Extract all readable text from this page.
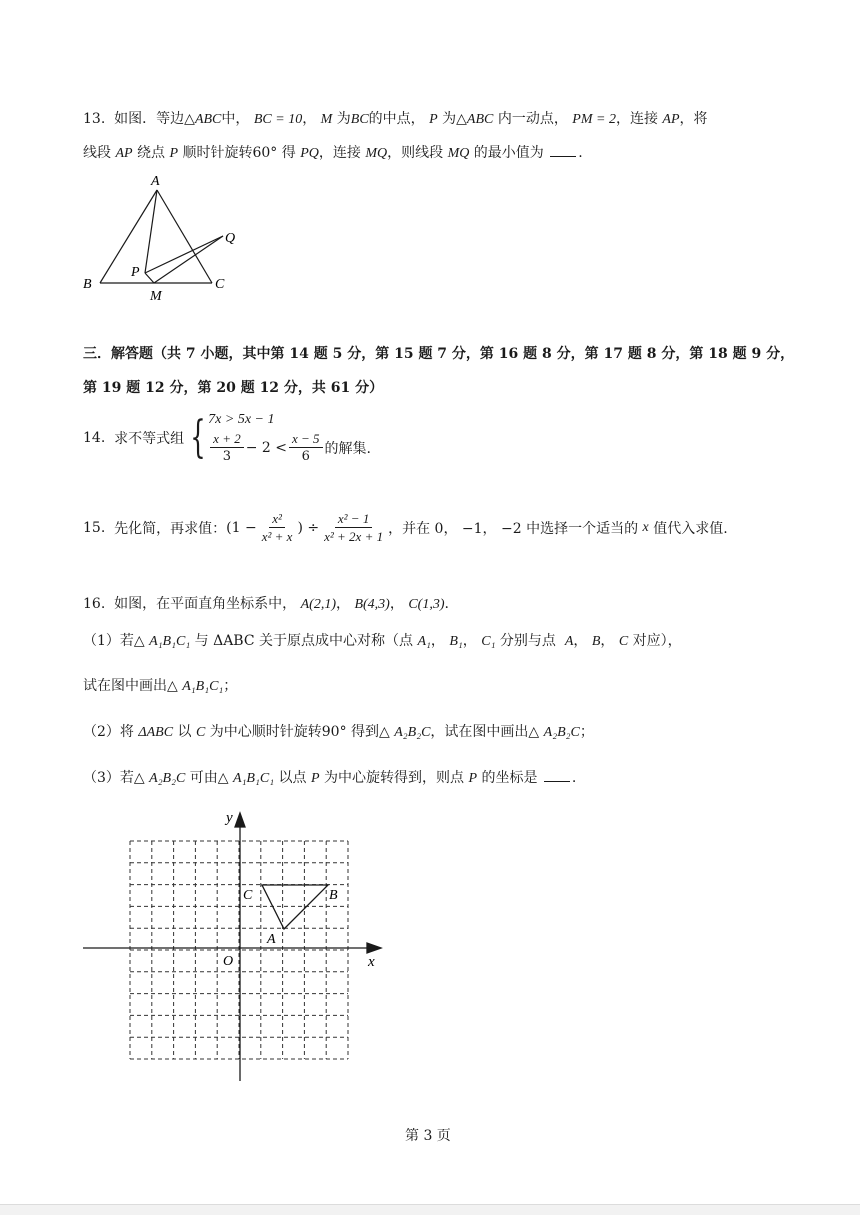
13. 如图．等边△ABC中， BC = 10， M 为BC的中点， P 为△ABC 内一动点， PM = 2，连接 AP，将
线段 AP 绕点 P 顺时针旋转60° 得 PQ，连接 MQ，则线段 MQ 的最小值为 .
A
B	C
P
M
Q
三．解答题（共 7 小题，其中第 14 题 5 分，第 15 题 7 分，第 16 题 8 分，第 17 题 8 分，第 18 题 9 分，
第 19 题 12 分，第 20 题 12 分，共 61 分）
14.
求不等式组 { 7x > 5x − 1
$\frac{x + 2}{3} - 2 < \frac{x - 5}{6}$ 的解集.
15.
先化简，再求值： ($1 - \frac{\text{x²}}{\text{x² + x}}$ ) ÷ $\frac{\text{x² − 1}}{\text{x² + 2x + 1}}$ ，并在 0， −1， −2 中选择一个适当的
x
值代入求值.
16. 如图，在平面直角坐标系中， A(2,1)， B(4,3)， C(1,3).
（1）若△ A₁B₁C₁ 与 ΔABC 关于原点成中心对称（点 A₁， B₁， C₁ 分别与点 A， B， C 对应），
试在图中画出△ A₁B₁C₁；
（2）将 ΔABC 以 C 为中心顺时针旋转90° 得到△ A₂B₂C，试在图中画出△ A₂B₂C；
（3）若△ A₂B₂C 可由△ A₁B₁C₁ 以点 P 为中心旋转得到，则点 P 的坐标是 .
y
x
O
A
B
C
第 3 页
